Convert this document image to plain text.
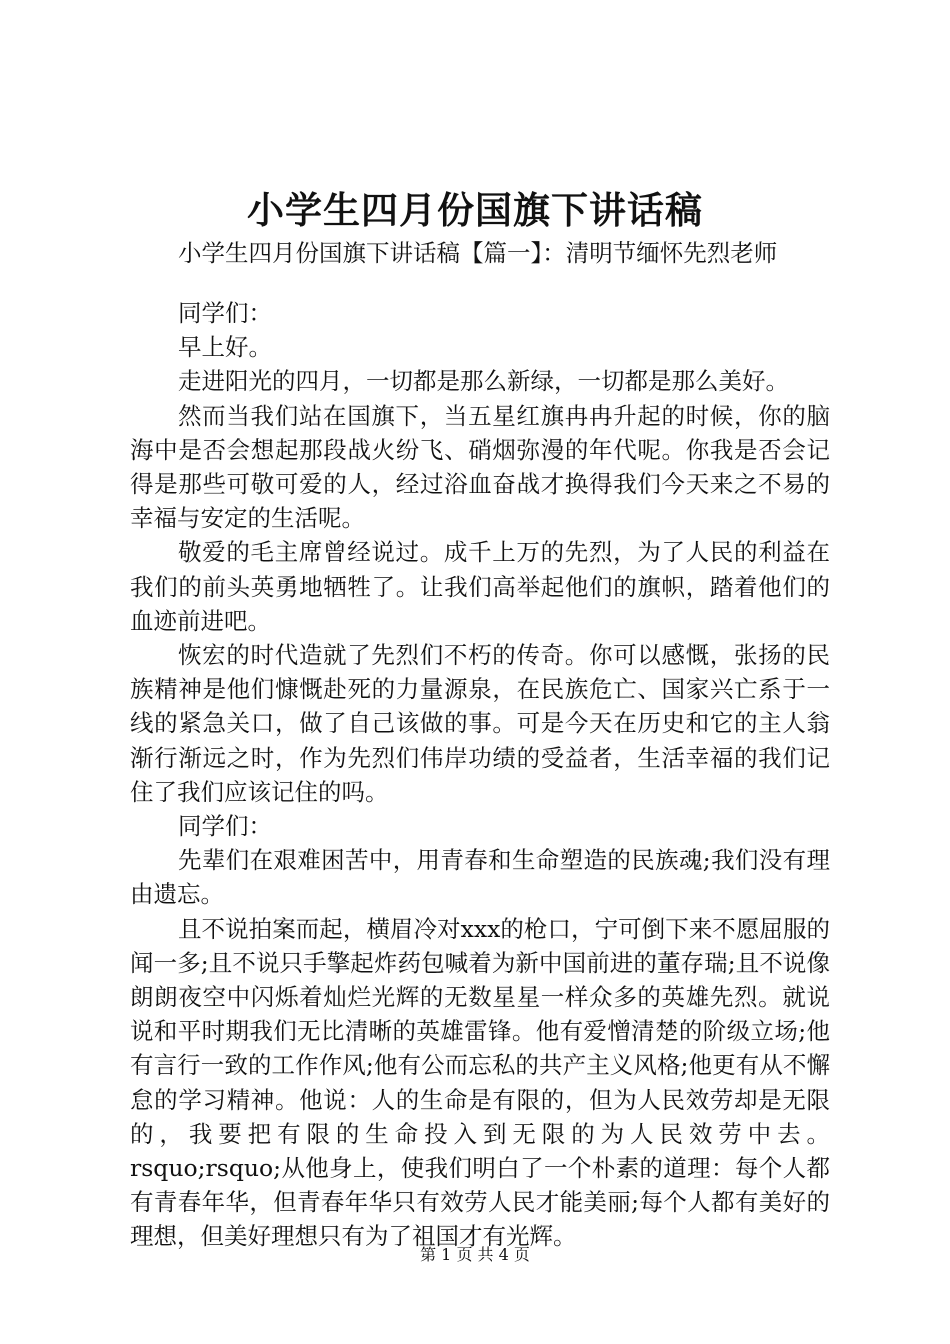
小学生四月份国旗下讲话稿
小学生四月份国旗下讲话稿【篇一】：清明节缅怀先烈老师

同学们：

早上好。

走进阳光的四月，一切都是那么新绿，一切都是那么美好。

然而当我们站在国旗下，当五星红旗冉冉升起的时候，你的脑海中是否会想起那段战火纷飞、硝烟弥漫的年代呢。你我是否会记得是那些可敬可爱的人，经过浴血奋战才换得我们今天来之不易的幸福与安定的生活呢。

敬爱的毛主席曾经说过。成千上万的先烈，为了人民的利益在我们的前头英勇地牺牲了。让我们高举起他们的旗帜，踏着他们的血迹前进吧。

恢宏的时代造就了先烈们不朽的传奇。你可以感慨，张扬的民族精神是他们慷慨赴死的力量源泉，在民族危亡、国家兴亡系于一线的紧急关口，做了自己该做的事。可是今天在历史和它的主人翁渐行渐远之时，作为先烈们伟岸功绩的受益者，生活幸福的我们记住了我们应该记住的吗。

同学们：

先辈们在艰难困苦中，用青春和生命塑造的民族魂;我们没有理由遗忘。

且不说拍案而起，横眉冷对xxx的枪口，宁可倒下来不愿屈服的闻一多;且不说只手擎起炸药包喊着为新中国前进的董存瑞;且不说像朗朗夜空中闪烁着灿烂光辉的无数星星一样众多的英雄先烈。就说说和平时期我们无比清晰的英雄雷锋。他有爱憎清楚的阶级立场;他有言行一致的工作作风;他有公而忘私的共产主义风格;他更有从不懈怠的学习精神。他说：人的生命是有限的，但为人民效劳却是无限的，我要把有限的生命投入到无限的为人民效劳中去。rsquo;rsquo;从他身上，使我们明白了一个朴素的道理：每个人都有青春年华，但青春年华只有效劳人民才能美丽;每个人都有美好的理想，但美好理想只有为了祖国才有光辉。

第 1 页 共 4 页
